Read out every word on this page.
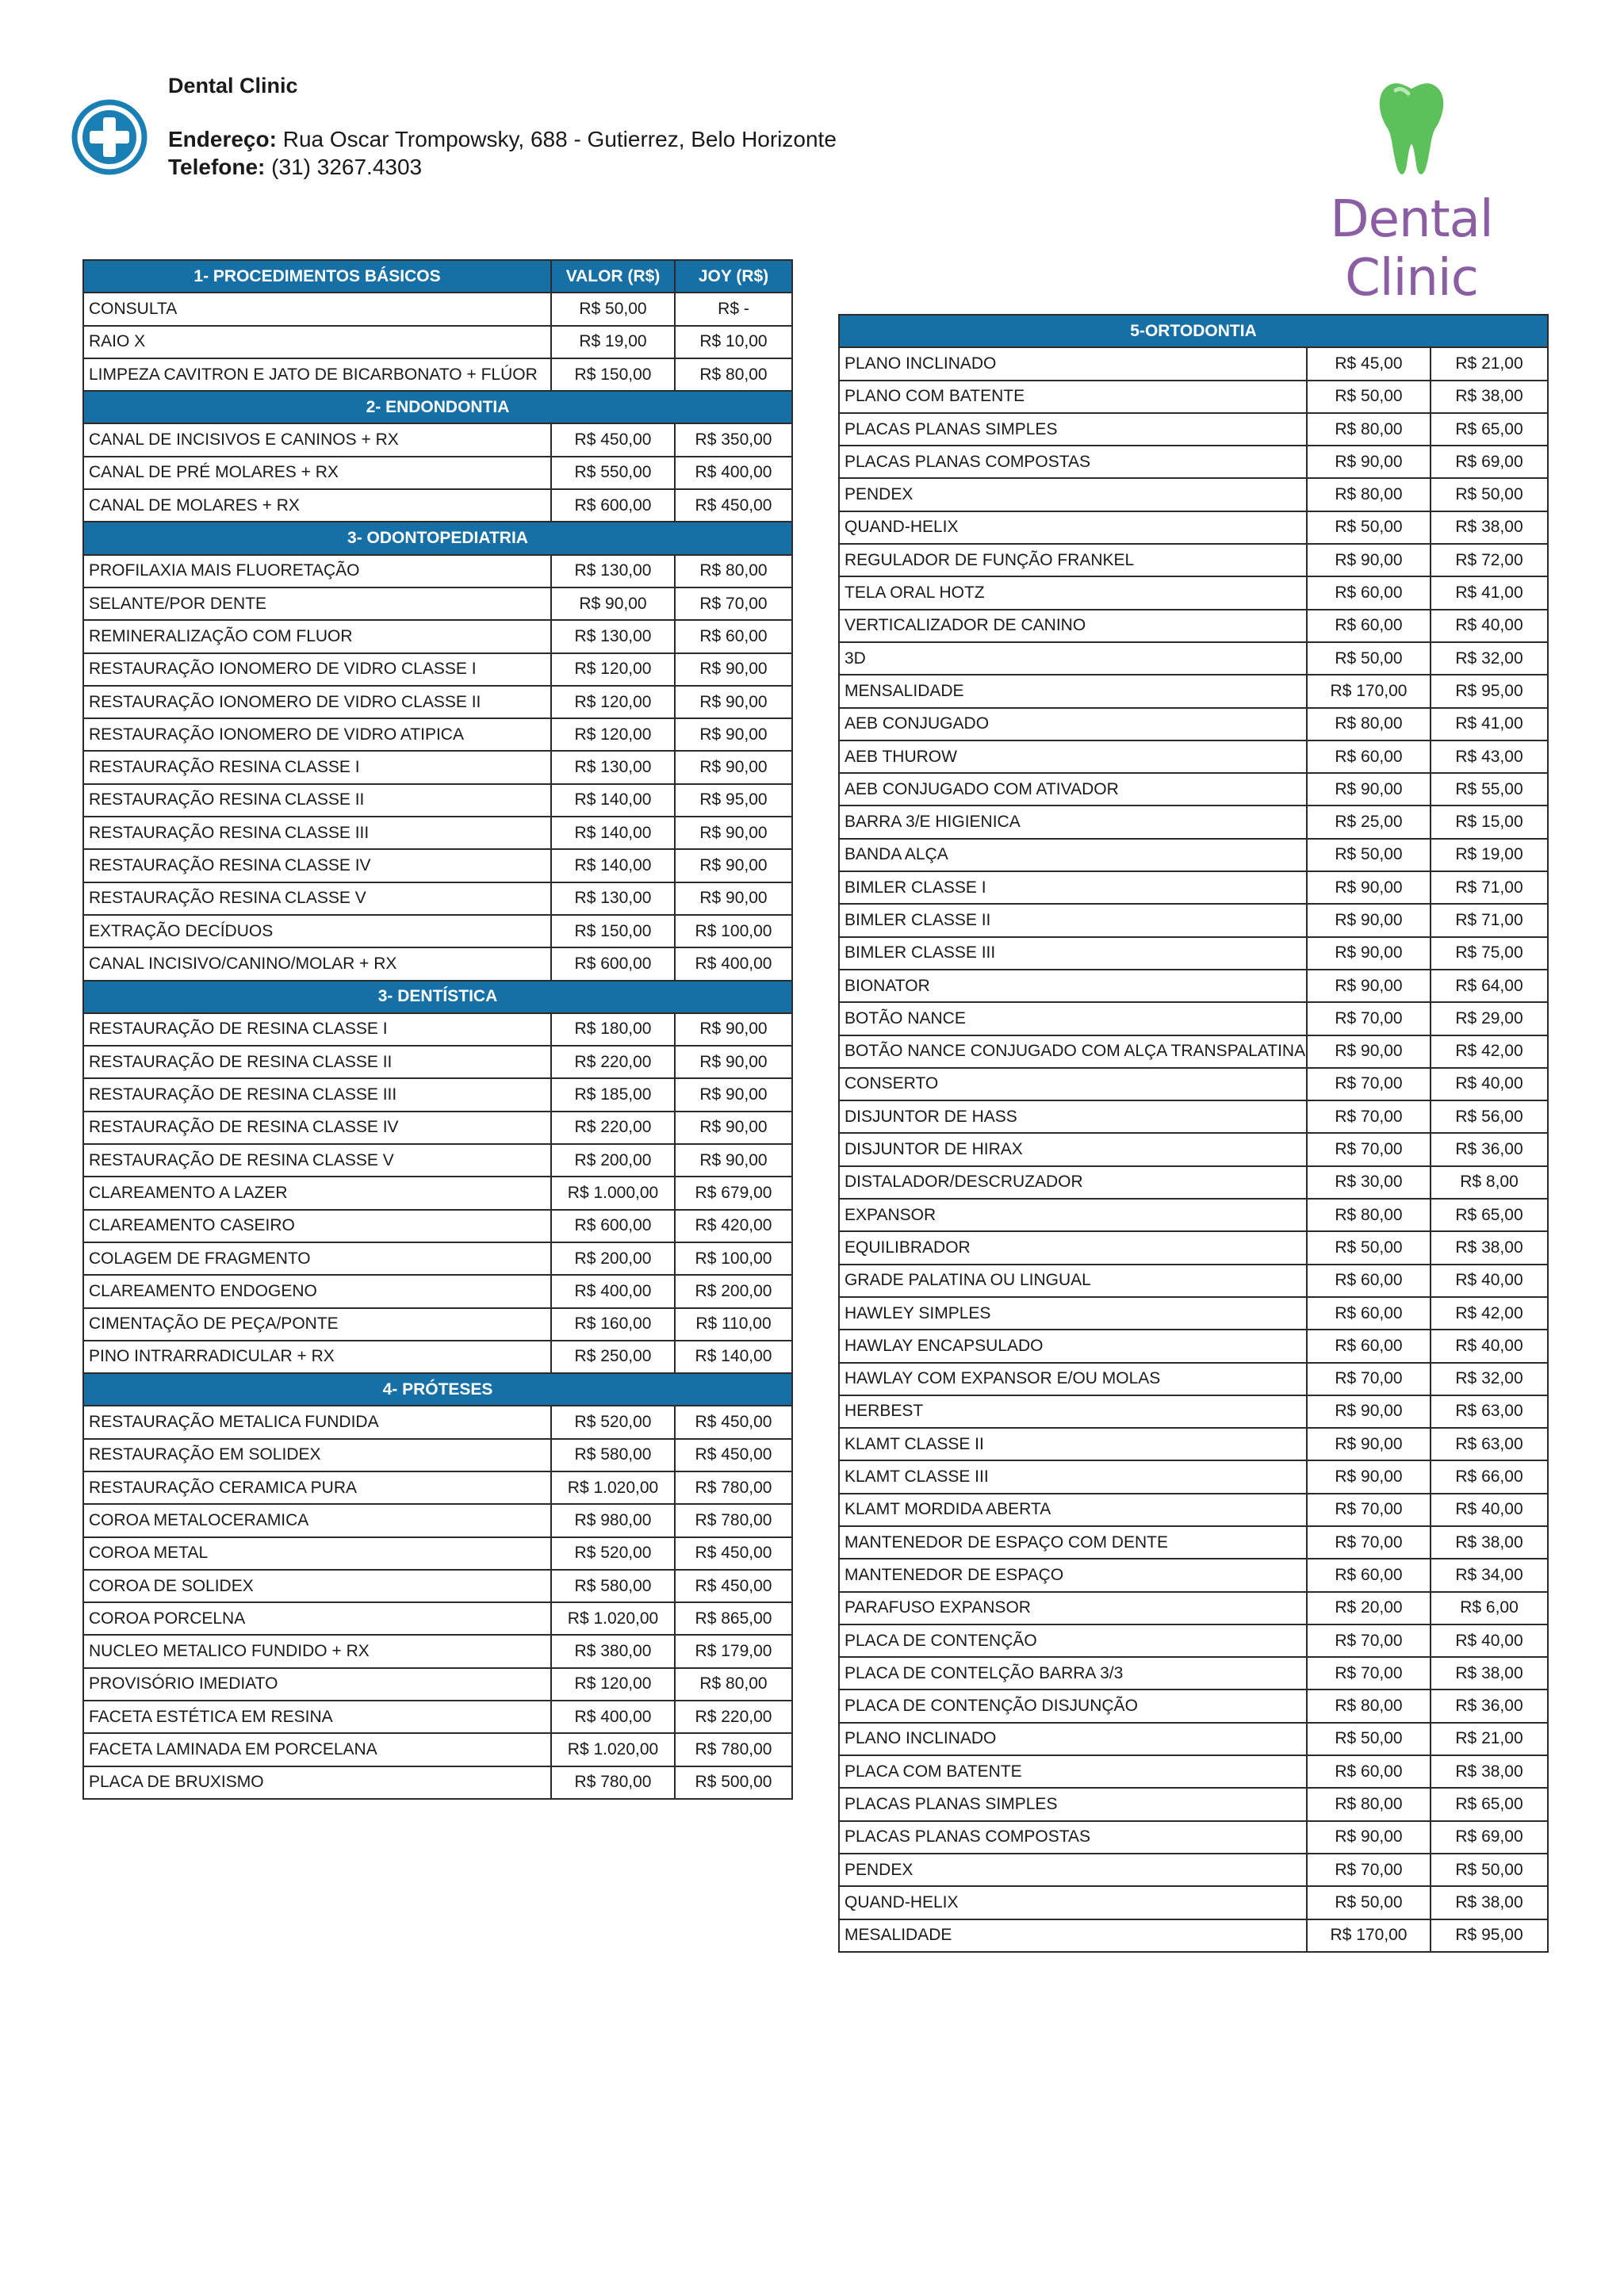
Dental Clinic
Endereço: Rua Oscar Trompowsky, 688 - Gutierrez, Belo Horizonte
Telefone: (31) 3267.4303
Dental Clinic
1- PROCEDIMENTOS BÁSICOS	VALOR (R$)	JOY (R$)
CONSULTA	R$ 50,00	R$ -
RAIO X	R$ 19,00	R$ 10,00
LIMPEZA CAVITRON E JATO DE BICARBONATO + FLÚOR	R$ 150,00	R$ 80,00
2- ENDONDONTIA		
CANAL DE INCISIVOS E CANINOS + RX	R$ 450,00	R$ 350,00
CANAL DE PRÉ MOLARES + RX	R$ 550,00	R$ 400,00
CANAL DE MOLARES + RX	R$ 600,00	R$ 450,00
3- ODONTOPEDIATRIA		
PROFILAXIA MAIS FLUORETAÇÃO	R$ 130,00	R$ 80,00
SELANTE/POR DENTE	R$ 90,00	R$ 70,00
REMINERALIZAÇÃO COM FLUOR	R$ 130,00	R$ 60,00
RESTAURAÇÃO IONOMERO DE VIDRO CLASSE I	R$ 120,00	R$ 90,00
RESTAURAÇÃO IONOMERO DE VIDRO CLASSE II	R$ 120,00	R$ 90,00
RESTAURAÇÃO IONOMERO DE VIDRO ATIPICA	R$ 120,00	R$ 90,00
RESTAURAÇÃO RESINA CLASSE I	R$ 130,00	R$ 90,00
RESTAURAÇÃO RESINA CLASSE II	R$ 140,00	R$ 95,00
RESTAURAÇÃO RESINA CLASSE III	R$ 140,00	R$ 90,00
RESTAURAÇÃO RESINA CLASSE IV	R$ 140,00	R$ 90,00
RESTAURAÇÃO RESINA CLASSE V	R$ 130,00	R$ 90,00
EXTRAÇÃO DECÍDUOS	R$ 150,00	R$ 100,00
CANAL INCISIVO/CANINO/MOLAR + RX	R$ 600,00	R$ 400,00
3- DENTÍSTICA		
RESTAURAÇÃO DE RESINA CLASSE I	R$ 180,00	R$ 90,00
RESTAURAÇÃO DE RESINA CLASSE II	R$ 220,00	R$ 90,00
RESTAURAÇÃO DE RESINA CLASSE III	R$ 185,00	R$ 90,00
RESTAURAÇÃO DE RESINA CLASSE IV	R$ 220,00	R$ 90,00
RESTAURAÇÃO DE RESINA CLASSE V	R$ 200,00	R$ 90,00
CLAREAMENTO A LAZER	R$ 1.000,00	R$ 679,00
CLAREAMENTO CASEIRO	R$ 600,00	R$ 420,00
COLAGEM DE FRAGMENTO	R$ 200,00	R$ 100,00
CLAREAMENTO ENDOGENO	R$ 400,00	R$ 200,00
CIMENTAÇÃO DE PEÇA/PONTE	R$ 160,00	R$ 110,00
PINO INTRARRADICULAR + RX	R$ 250,00	R$ 140,00
4- PRÓTESES		
RESTAURAÇÃO METALICA FUNDIDA	R$ 520,00	R$ 450,00
RESTAURAÇÃO EM SOLIDEX	R$ 580,00	R$ 450,00
RESTAURAÇÃO CERAMICA PURA	R$ 1.020,00	R$ 780,00
COROA METALOCERAMICA	R$ 980,00	R$ 780,00
COROA METAL	R$ 520,00	R$ 450,00
COROA DE SOLIDEX	R$ 580,00	R$ 450,00
COROA PORCELNA	R$ 1.020,00	R$ 865,00
NUCLEO METALICO FUNDIDO + RX	R$ 380,00	R$ 179,00
PROVISÓRIO IMEDIATO	R$ 120,00	R$ 80,00
FACETA ESTÉTICA EM RESINA	R$ 400,00	R$ 220,00
FACETA LAMINADA EM PORCELANA	R$ 1.020,00	R$ 780,00
PLACA DE BRUXISMO	R$ 780,00	R$ 500,00
5-ORTODONTIA		
PLANO INCLINADO	R$ 45,00	R$ 21,00
PLANO COM BATENTE	R$ 50,00	R$ 38,00
PLACAS PLANAS SIMPLES	R$ 80,00	R$ 65,00
PLACAS PLANAS COMPOSTAS	R$ 90,00	R$ 69,00
PENDEX	R$ 80,00	R$ 50,00
QUAND-HELIX	R$ 50,00	R$ 38,00
REGULADOR DE FUNÇÃO FRANKEL	R$ 90,00	R$ 72,00
TELA ORAL HOTZ	R$ 60,00	R$ 41,00
VERTICALIZADOR DE CANINO	R$ 60,00	R$ 40,00
3D	R$ 50,00	R$ 32,00
MENSALIDADE	R$ 170,00	R$ 95,00
AEB CONJUGADO	R$ 80,00	R$ 41,00
AEB THUROW	R$ 60,00	R$ 43,00
AEB CONJUGADO COM ATIVADOR	R$ 90,00	R$ 55,00
BARRA 3/E HIGIENICA	R$ 25,00	R$ 15,00
BANDA ALÇA	R$ 50,00	R$ 19,00
BIMLER CLASSE I	R$ 90,00	R$ 71,00
BIMLER CLASSE II	R$ 90,00	R$ 71,00
BIMLER CLASSE III	R$ 90,00	R$ 75,00
BIONATOR	R$ 90,00	R$ 64,00
BOTÃO NANCE	R$ 70,00	R$ 29,00
BOTÃO NANCE CONJUGADO COM ALÇA TRANSPALATINA	R$ 90,00	R$ 42,00
CONSERTO	R$ 70,00	R$ 40,00
DISJUNTOR DE HASS	R$ 70,00	R$ 56,00
DISJUNTOR DE HIRAX	R$ 70,00	R$ 36,00
DISTALADOR/DESCRUZADOR	R$ 30,00	R$ 8,00
EXPANSOR	R$ 80,00	R$ 65,00
EQUILIBRADOR	R$ 50,00	R$ 38,00
GRADE PALATINA OU LINGUAL	R$ 60,00	R$ 40,00
HAWLEY SIMPLES	R$ 60,00	R$ 42,00
HAWLAY ENCAPSULADO	R$ 60,00	R$ 40,00
HAWLAY COM EXPANSOR E/OU MOLAS	R$ 70,00	R$ 32,00
HERBEST	R$ 90,00	R$ 63,00
KLAMT CLASSE II	R$ 90,00	R$ 63,00
KLAMT CLASSE III	R$ 90,00	R$ 66,00
KLAMT MORDIDA ABERTA	R$ 70,00	R$ 40,00
MANTENEDOR DE ESPAÇO COM DENTE	R$ 70,00	R$ 38,00
MANTENEDOR DE ESPAÇO	R$ 60,00	R$ 34,00
PARAFUSO EXPANSOR	R$ 20,00	R$ 6,00
PLACA DE CONTENÇÃO	R$ 70,00	R$ 40,00
PLACA DE CONTELÇÃO BARRA 3/3	R$ 70,00	R$ 38,00
PLACA DE CONTENÇÃO DISJUNÇÃO	R$ 80,00	R$ 36,00
PLANO INCLINADO	R$ 50,00	R$ 21,00
PLACA COM BATENTE	R$ 60,00	R$ 38,00
PLACAS PLANAS SIMPLES	R$ 80,00	R$ 65,00
PLACAS PLANAS COMPOSTAS	R$ 90,00	R$ 69,00
PENDEX	R$ 70,00	R$ 50,00
QUAND-HELIX	R$ 50,00	R$ 38,00
MESALIDADE	R$ 170,00	R$ 95,00
